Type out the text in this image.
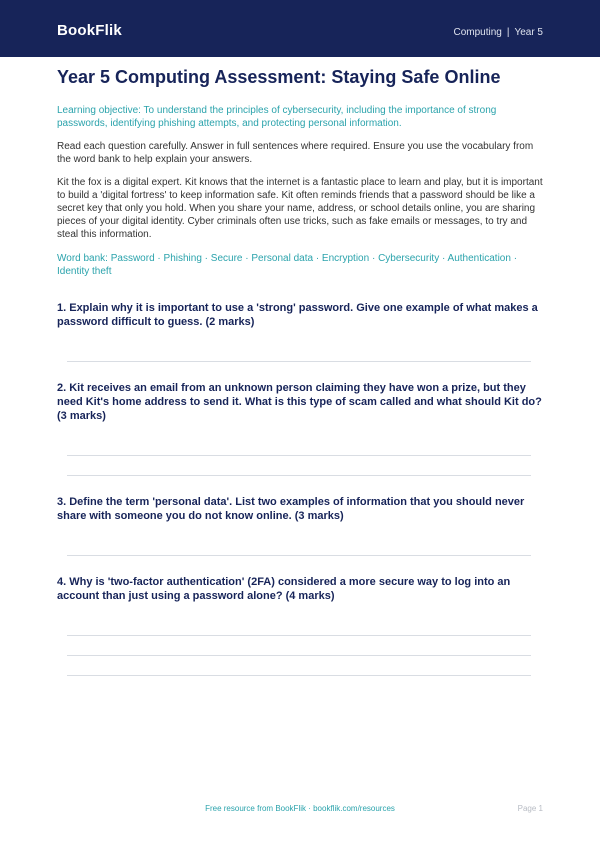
BookFlik	Computing | Year 5
Year 5 Computing Assessment: Staying Safe Online
Learning objective: To understand the principles of cybersecurity, including the importance of strong passwords, identifying phishing attempts, and protecting personal information.
Read each question carefully. Answer in full sentences where required. Ensure you use the vocabulary from the word bank to help explain your answers.
Kit the fox is a digital expert. Kit knows that the internet is a fantastic place to learn and play, but it is important to build a 'digital fortress' to keep information safe. Kit often reminds friends that a password should be like a secret key that only you hold. When you share your name, address, or school details online, you are sharing pieces of your digital identity. Cyber criminals often use tricks, such as fake emails or messages, to try and steal this information.
Word bank: Password · Phishing · Secure · Personal data · Encryption · Cybersecurity · Authentication · Identity theft

1. Explain why it is important to use a 'strong' password. Give one example of what makes a password difficult to guess. (2 marks)

2. Kit receives an email from an unknown person claiming they have won a prize, but they need Kit's home address to send it. What is this type of scam called and what should Kit do? (3 marks)

3. Define the term 'personal data'. List two examples of information that you should never share with someone you do not know online. (3 marks)

4. Why is 'two-factor authentication' (2FA) considered a more secure way to log into an account than just using a password alone? (4 marks)

Free resource from BookFlik · bookflik.com/resources	Page 1
